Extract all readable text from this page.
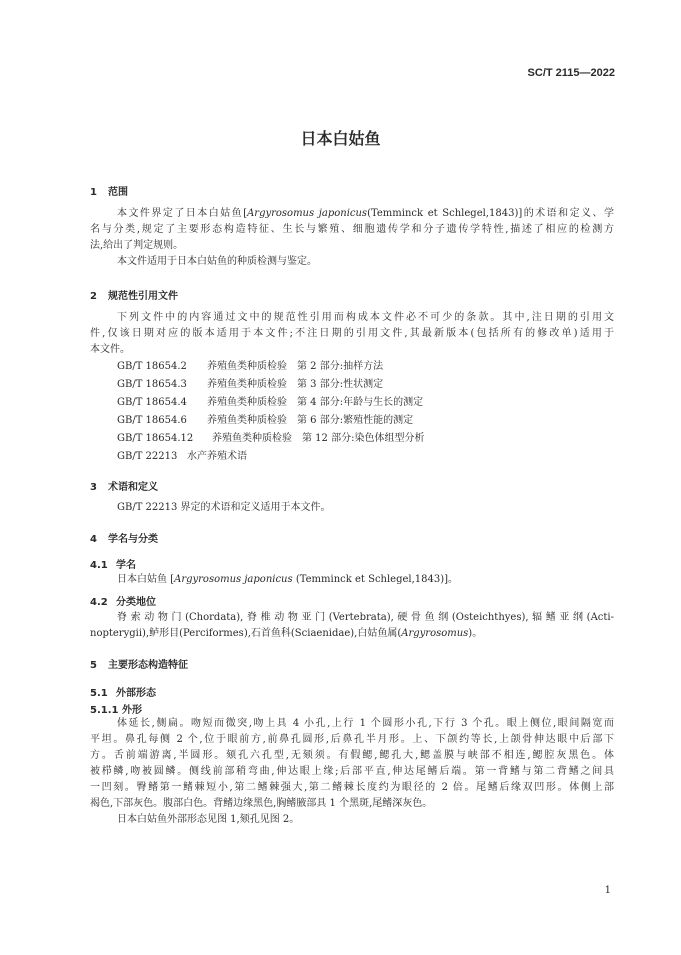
SC/T 2115—2022
日本白姑鱼
1 范围
本文件界定了日本白姑鱼[Argyrosomus japonicus(Temminck et Schlegel,1843)]的术语和定义、学
名与分类,规定了主要形态构造特征、生长与繁殖、细胞遗传学和分子遗传学特性,描述了相应的检测方
法,给出了判定规则。
本文件适用于日本白姑鱼的种质检测与鉴定。
2 规范性引用文件
下列文件中的内容通过文中的规范性引用而构成本文件必不可少的条款。其中,注日期的引用文
件,仅该日期对应的版本适用于本文件;不注日期的引用文件,其最新版本(包括所有的修改单)适用于
本文件。
GB/T 18654.2 养殖鱼类种质检验　第 2 部分:抽样方法
GB/T 18654.3 养殖鱼类种质检验　第 3 部分:性状测定
GB/T 18654.4 养殖鱼类种质检验　第 4 部分:年龄与生长的测定
GB/T 18654.6 养殖鱼类种质检验　第 6 部分:繁殖性能的测定
GB/T 18654.12 养殖鱼类种质检验　第 12 部分:染色体组型分析
GB/T 22213 水产养殖术语
3 术语和定义
GB/T 22213 界定的术语和定义适用于本文件。
4 学名与分类
4.1 学名
日本白姑鱼 [Argyrosomus japonicus (Temminck et Schlegel,1843)]。
4.2 分类地位
脊索动物门(Chordata),脊椎动物亚门(Vertebrata),硬骨鱼纲(Osteichthyes),辐鳍亚纲(Acti-
nopterygii),鲈形目(Perciformes),石首鱼科(Sciaenidae),白姑鱼属(Argyrosomus)。
5 主要形态构造特征
5.1 外部形态
5.1.1 外形
体延长,侧扁。吻短而微突,吻上具 4 小孔,上行 1 个圆形小孔,下行 3 个孔。眼上侧位,眼间隔宽而
平坦。鼻孔每侧 2 个,位于眼前方,前鼻孔圆形,后鼻孔半月形。上、下颌约等长,上颌骨伸达眼中后部下
方。舌前端游离,半圆形。颏孔六孔型,无颏须。有假鳃,鳃孔大,鳃盖膜与峡部不相连,鳃腔灰黑色。体
被栉鳞,吻被圆鳞。侧线前部稍弯曲,伸达眼上缘;后部平直,伸达尾鳍后端。第一背鳍与第二背鳍之间具
一凹刻。臀鳍第一鳍棘短小,第二鳍棘强大,第二鳍棘长度约为眼径的 2 倍。尾鳍后缘双凹形。体侧上部
褐色,下部灰色。腹部白色。背鳍边缘黑色,胸鳍腋部具 1 个黑斑,尾鳍深灰色。
日本白姑鱼外部形态见图 1,颏孔见图 2。
1
